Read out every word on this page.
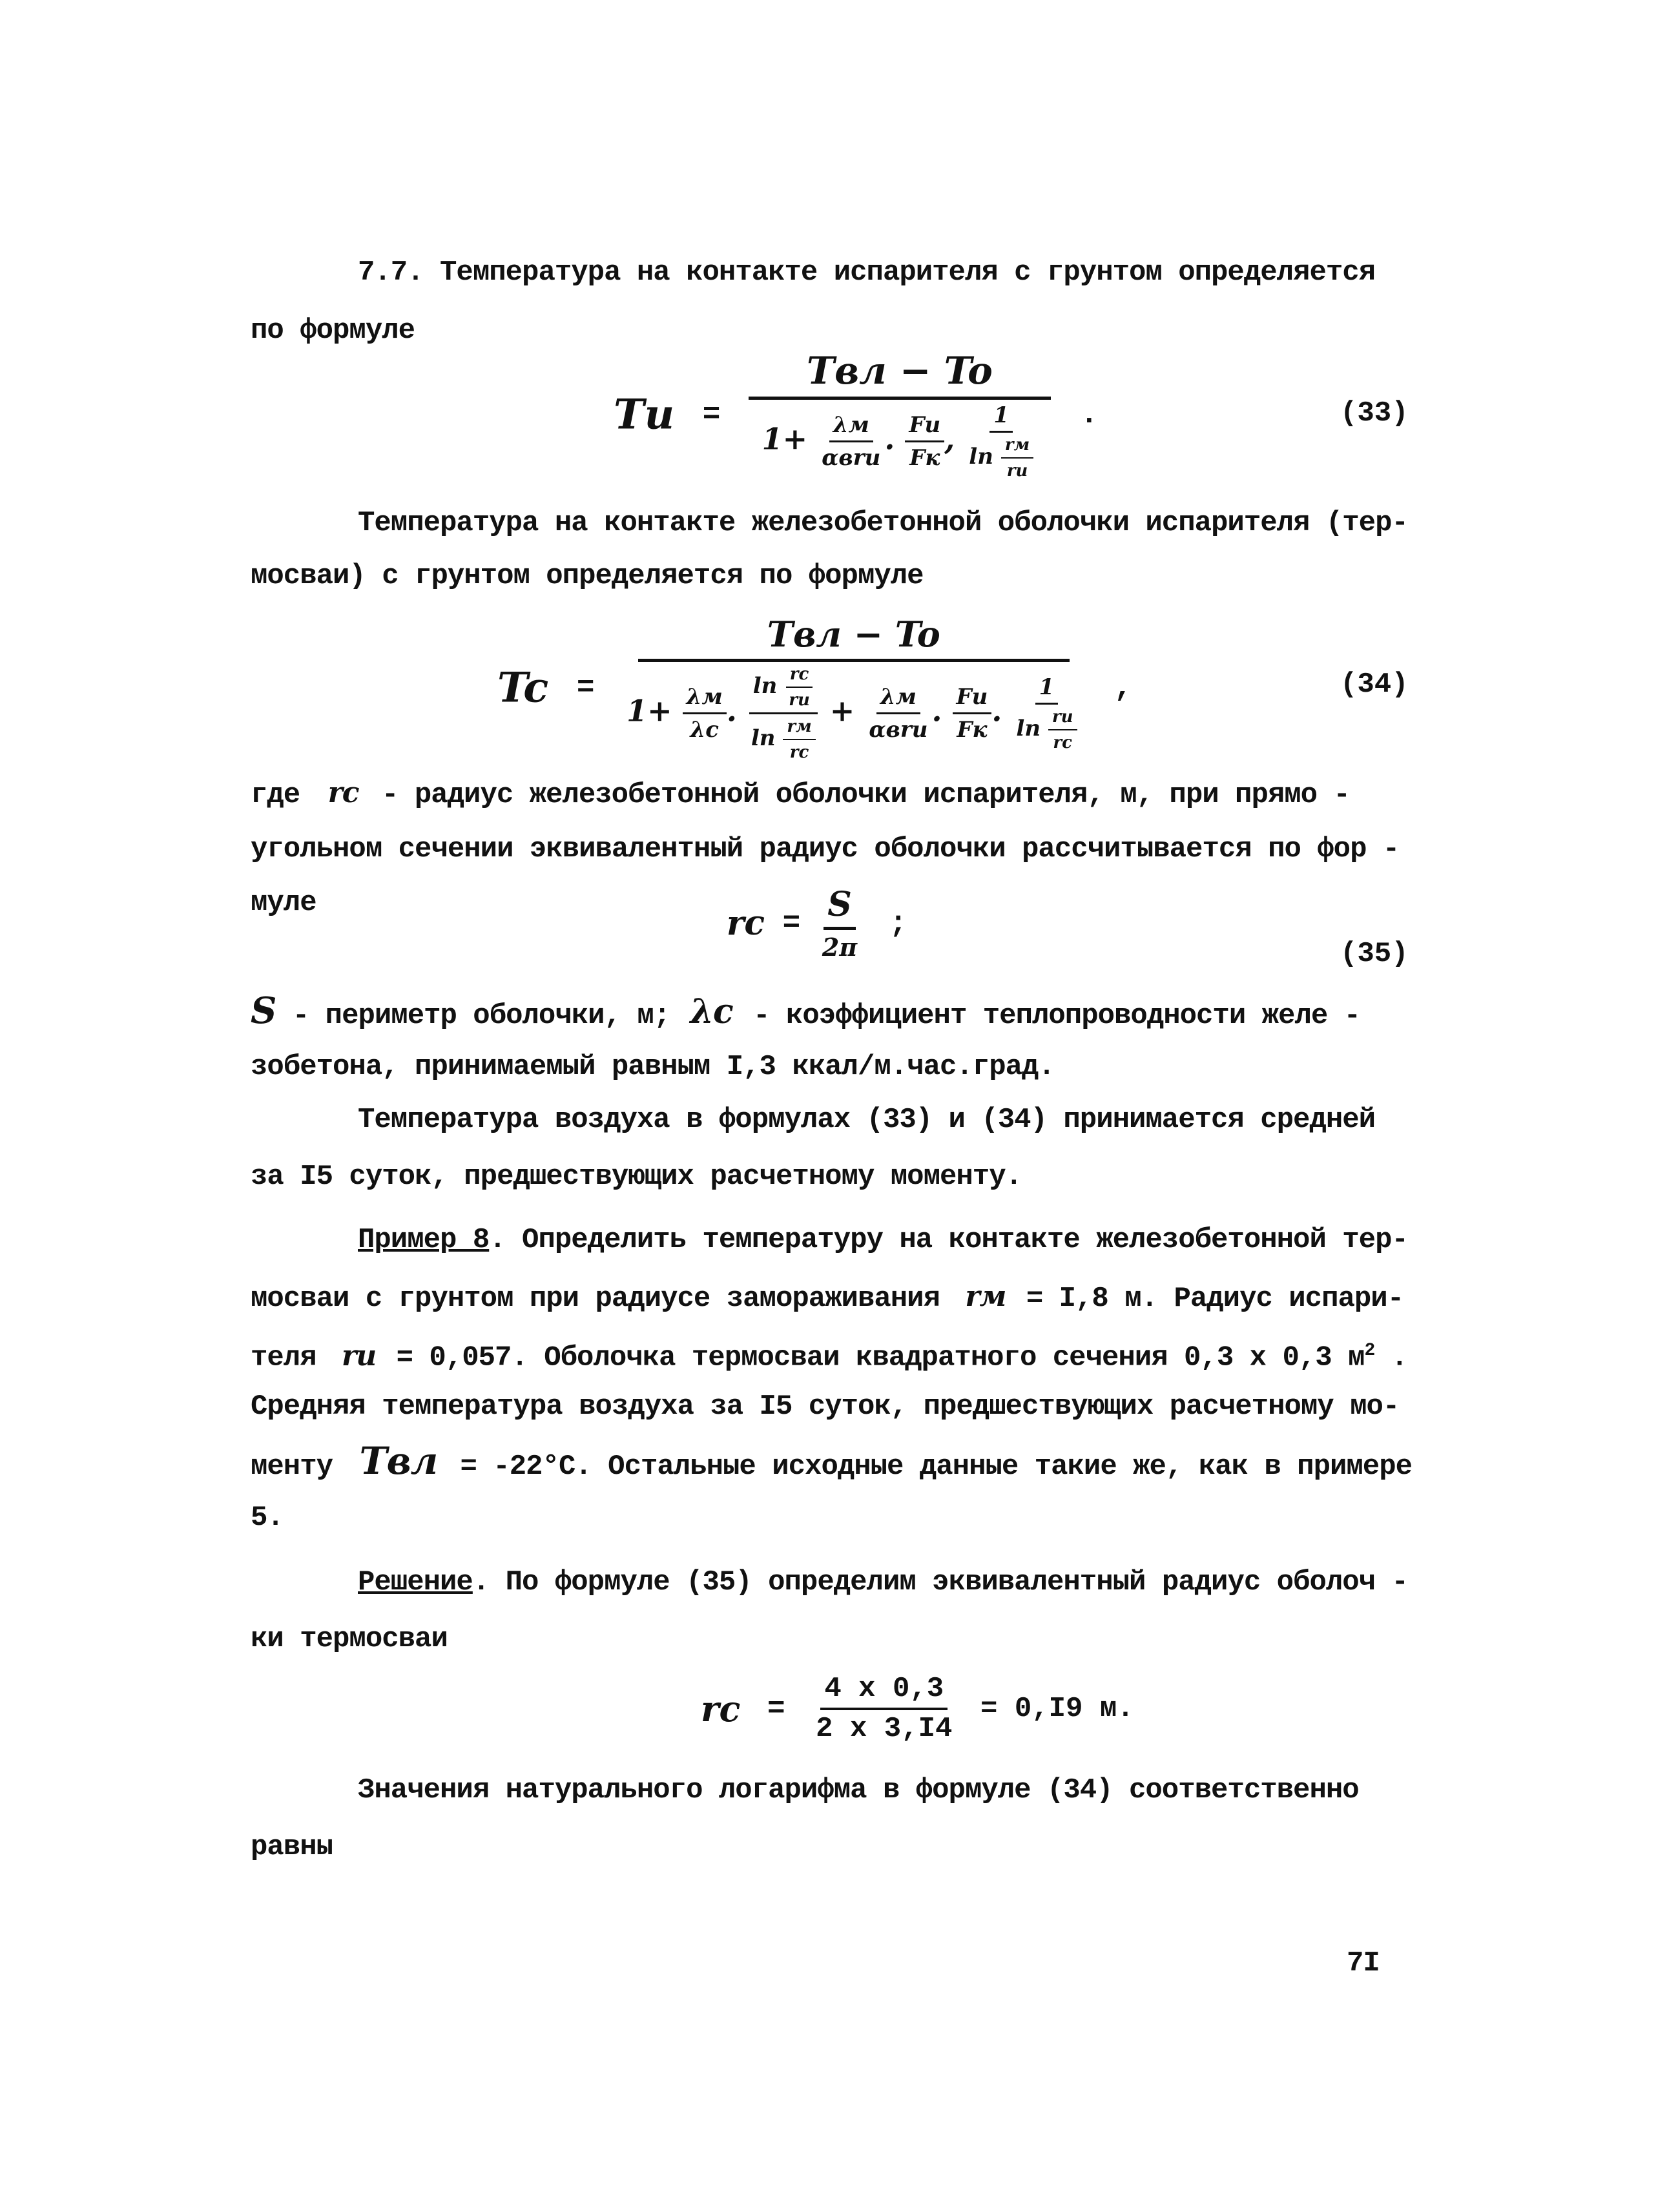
7.7. Температура на контакте испарителя с грунтом определяется
по формуле
Tи =
Tвл − To
$1+ \frac{\lambda м}{\text{αвrи}}$ . $\frac{Fи}{Fк}$ , $\frac{1}{\ln \frac{rм}{rи}}$ .	(33)
Температура на контакте железобетонной оболочки испарителя (тер-
мосваи) с грунтом определяется по формуле
Tc =
Tвл − To
$1+ \frac{\lambda м}{\lambda c}$ . $\frac{\ln \frac{rc}{rи}}{\ln \frac{rм}{rc}} + \frac{\lambda м}{\text{αвrи}}$ . $\frac{Fи}{Fк}$ . $\frac{1}{\ln \frac{rи}{rc}}$ ,	(34)
где rc - радиус железобетонной оболочки испарителя, м, при прямо -
угольном сечении эквивалентный радиус оболочки рассчитывается по фор -
муле
rc = $\frac{S}{2\pi}$ ;
(35)
S - периметр оболочки, м; λc - коэффициент теплопроводности желе -
зобетона, принимаемый равным I,3 ккал/м.час.град.
Температура воздуха в формулах (33) и (34) принимается средней
за I5 суток, предшествующих расчетному моменту.
Пример 8. Определить температуру на контакте железобетонной тер-
мосваи с грунтом при радиусе замораживания rм = I,8 м. Радиус испари-
теля rи = 0,057. Оболочка термосваи квадратного сечения 0,3 x 0,3 $м^2$ .
Средняя температура воздуха за I5 суток, предшествующих расчетному мо-
менту Tвл = -22°C. Остальные исходные данные такие же, как в примере
5.
Решение. По формуле (35) определим эквивалентный радиус оболоч -
ки термосваи
rc = $\frac{4 x 0,3}{2 x 3,I4} = 0,I9$ м.
Значения натурального логарифма в формуле (34) соответственно
равны
7I
